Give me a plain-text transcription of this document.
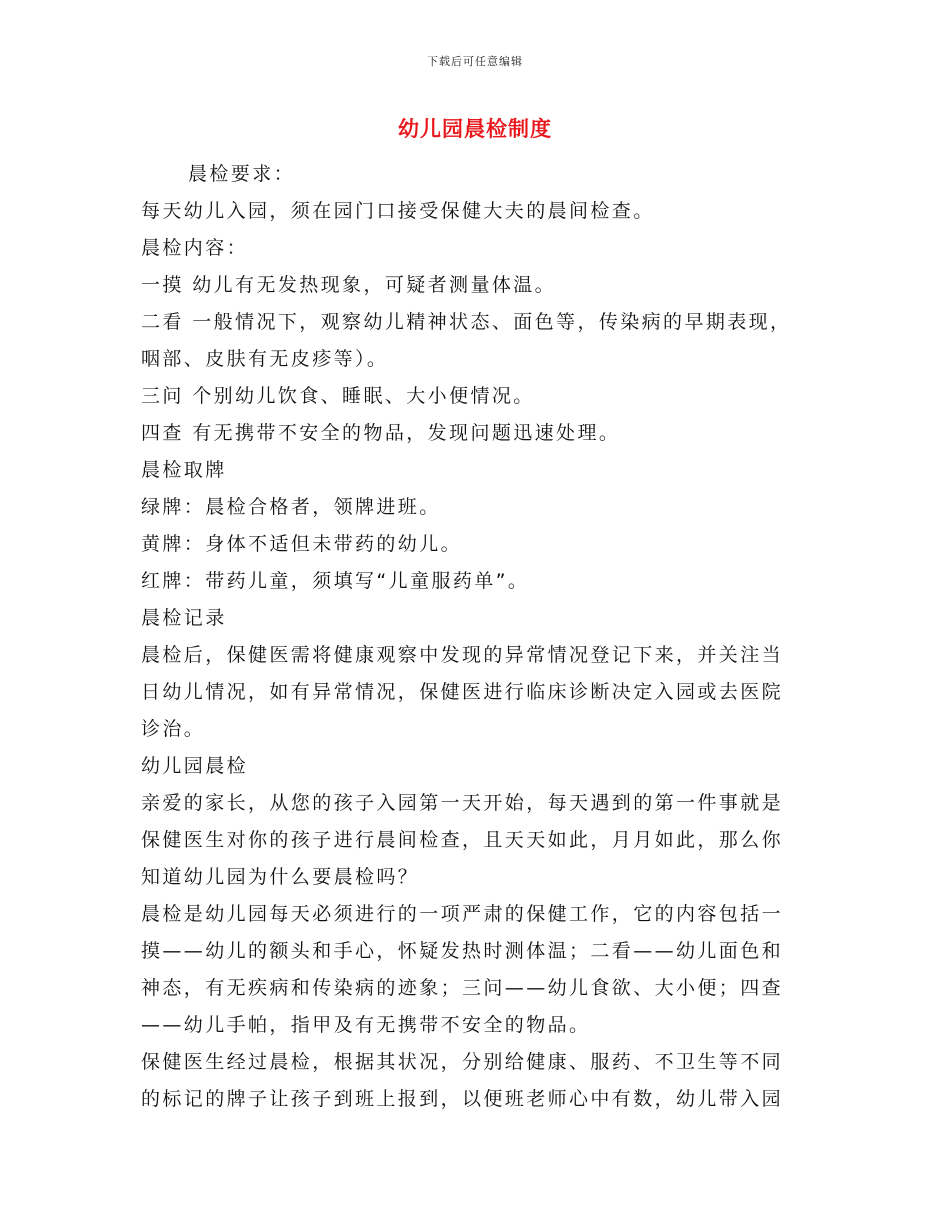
下载后可任意编辑
幼儿园晨检制度
晨检要求：
每天幼儿入园，须在园门口接受保健大夫的晨间检查。
晨检内容：
一摸 幼儿有无发热现象，可疑者测量体温。
二看 一般情况下，观察幼儿精神状态、面色等，传染病的早期表现，
咽部、皮肤有无皮疹等）。
三问 个别幼儿饮食、睡眠、大小便情况。
四查 有无携带不安全的物品，发现问题迅速处理。
晨检取牌
绿牌：晨检合格者，领牌进班。
黄牌：身体不适但未带药的幼儿。
红牌：带药儿童，须填写“儿童服药单”。
晨检记录
晨检后，保健医需将健康观察中发现的异常情况登记下来，并关注当
日幼儿情况，如有异常情况，保健医进行临床诊断决定入园或去医院
诊治。
幼儿园晨检
亲爱的家长，从您的孩子入园第一天开始，每天遇到的第一件事就是
保健医生对你的孩子进行晨间检查，且天天如此，月月如此，那么你
知道幼儿园为什么要晨检吗？
晨检是幼儿园每天必须进行的一项严肃的保健工作，它的内容包括一
摸——幼儿的额头和手心，怀疑发热时测体温；二看——幼儿面色和
神态，有无疾病和传染病的迹象；三问——幼儿食欲、大小便；四查
——幼儿手帕，指甲及有无携带不安全的物品。
保健医生经过晨检，根据其状况，分别给健康、服药、不卫生等不同
的标记的牌子让孩子到班上报到，以便班老师心中有数，幼儿带入园
